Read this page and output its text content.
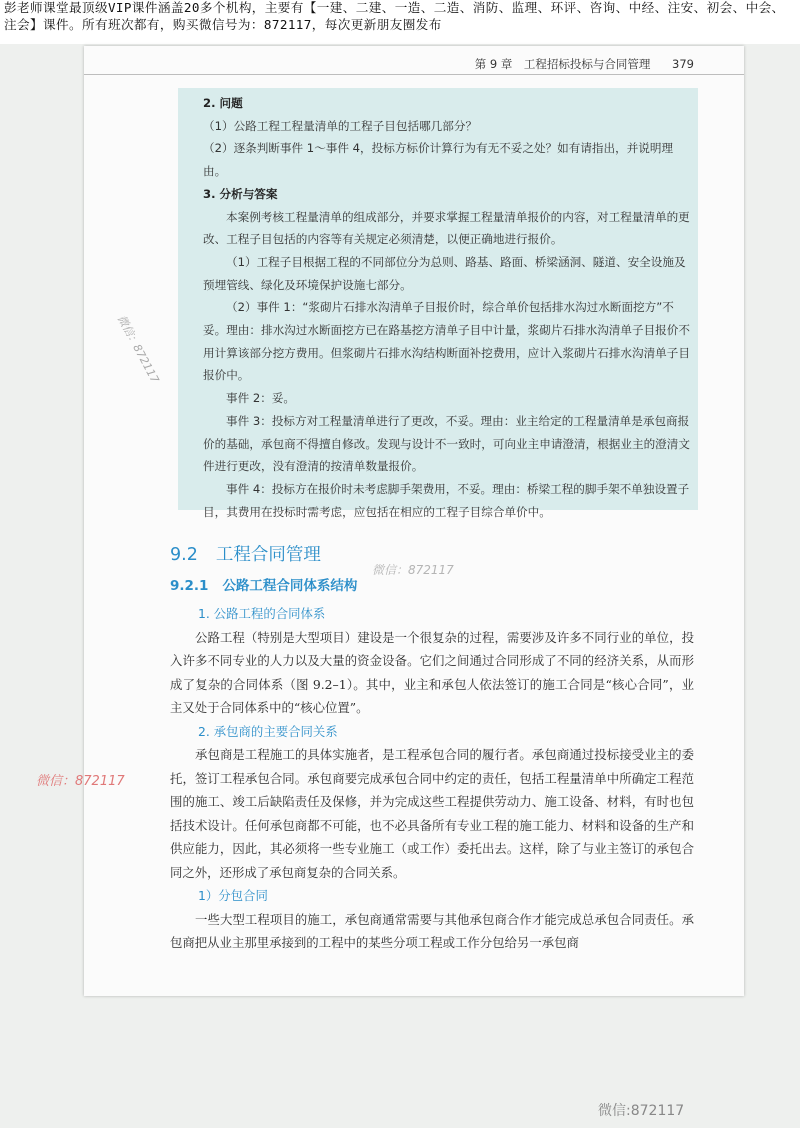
彭老师课堂最顶级VIP课件涵盖20多个机构，主要有【一建、二建、一造、二造、消防、监理、环评、咨询、中经、注安、初会、中会、注会】课件。所有班次都有，购买微信号为：872117，每次更新朋友圈发布
第 9 章　工程招标投标与合同管理 379
2. 问题
（1）公路工程工程量清单的工程子目包括哪几部分？
（2）逐条判断事件 1～事件 4，投标方标价计算行为有无不妥之处？如有请指出，并说明理由。
3. 分析与答案
本案例考核工程量清单的组成部分，并要求掌握工程量清单报价的内容，对工程量清单的更改、工程子目包括的内容等有关规定必须清楚，以便正确地进行报价。
（1）工程子目根据工程的不同部位分为总则、路基、路面、桥梁涵洞、隧道、安全设施及预埋管线、绿化及环境保护设施七部分。
（2）事件 1：“浆砌片石排水沟清单子目报价时，综合单价包括排水沟过水断面挖方”不妥。理由：排水沟过水断面挖方已在路基挖方清单子目中计量，浆砌片石排水沟清单子目报价不用计算该部分挖方费用。但浆砌片石排水沟结构断面补挖费用，应计入浆砌片石排水沟清单子目报价中。
事件 2：妥。
事件 3：投标方对工程量清单进行了更改，不妥。理由：业主给定的工程量清单是承包商报价的基础，承包商不得擅自修改。发现与设计不一致时，可向业主申请澄清，根据业主的澄清文件进行更改，没有澄清的按清单数量报价。
事件 4：投标方在报价时未考虑脚手架费用，不妥。理由：桥梁工程的脚手架不单独设置子目，其费用在投标时需考虑，应包括在相应的工程子目综合单价中。
9.2 工程合同管理
9.2.1 公路工程合同体系结构
1. 公路工程的合同体系
公路工程（特别是大型项目）建设是一个很复杂的过程，需要涉及许多不同行业的单位，投入许多不同专业的人力以及大量的资金设备。它们之间通过合同形成了不同的经济关系，从而形成了复杂的合同体系（图 9.2–1）。其中，业主和承包人依法签订的施工合同是“核心合同”，业主又处于合同体系中的“核心位置”。
2. 承包商的主要合同关系
承包商是工程施工的具体实施者，是工程承包合同的履行者。承包商通过投标接受业主的委托，签订工程承包合同。承包商要完成承包合同中约定的责任，包括工程量清单中所确定工程范围的施工、竣工后缺陷责任及保修，并为完成这些工程提供劳动力、施工设备、材料，有时也包括技术设计。任何承包商都不可能，也不必具备所有专业工程的施工能力、材料和设备的生产和供应能力，因此，其必须将一些专业施工（或工作）委托出去。这样，除了与业主签订的承包合同之外，还形成了承包商复杂的合同关系。
1）分包合同
一些大型工程项目的施工，承包商通常需要与其他承包商合作才能完成总承包合同责任。承包商把从业主那里承接到的工程中的某些分项工程或工作分包给另一承包商
微信：872117
微信：872117
微信：872117
微信:872117
